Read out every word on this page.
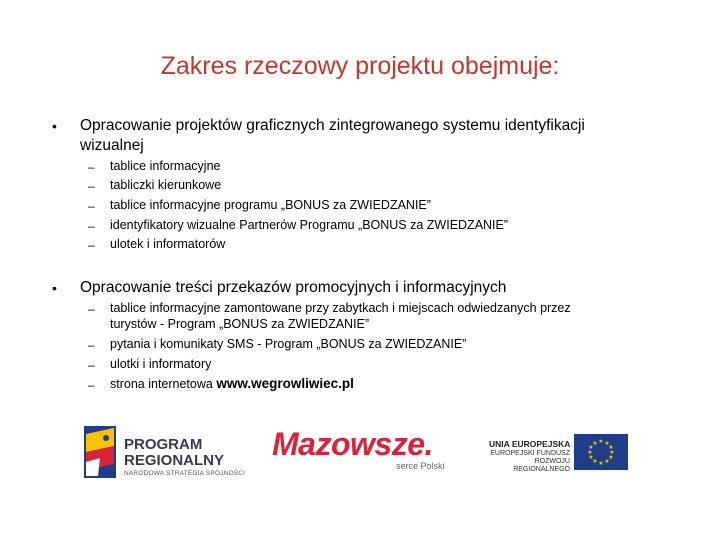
Zakres rzeczowy projektu obejmuje:
• Opracowanie projektów graficznych zintegrowanego systemu identyfikacji
wizualnej
– tablice informacyjne
– tabliczki kierunkowe
– tablice informacyjne programu „BONUS za ZWIEDZANIE”
– identyfikatory wizualne Partnerów Programu „BONUS za ZWIEDZANIE”
– ulotek i informatorów
• Opracowanie treści przekazów promocyjnych i informacyjnych
– tablice informacyjne zamontowane przy zabytkach i miejscach odwiedzanych przez
turystów - Program „BONUS za ZWIEDZANIE”
– pytania i komunikaty SMS - Program „BONUS za ZWIEDZANIE”
– ulotki i informatory
– strona internetowa www.wegrowliwiec.pl
PROGRAM
REGIONALNY
NARODOWA STRATEGIA SPÓJNOŚCI
Mazowsze.
serce Polski
UNIA EUROPEJSKA
EUROPEJSKI FUNDUSZ
ROZWOJU REGIONALNEGO
★ ★
★
★
★
★
★
★
★
★
★
★
